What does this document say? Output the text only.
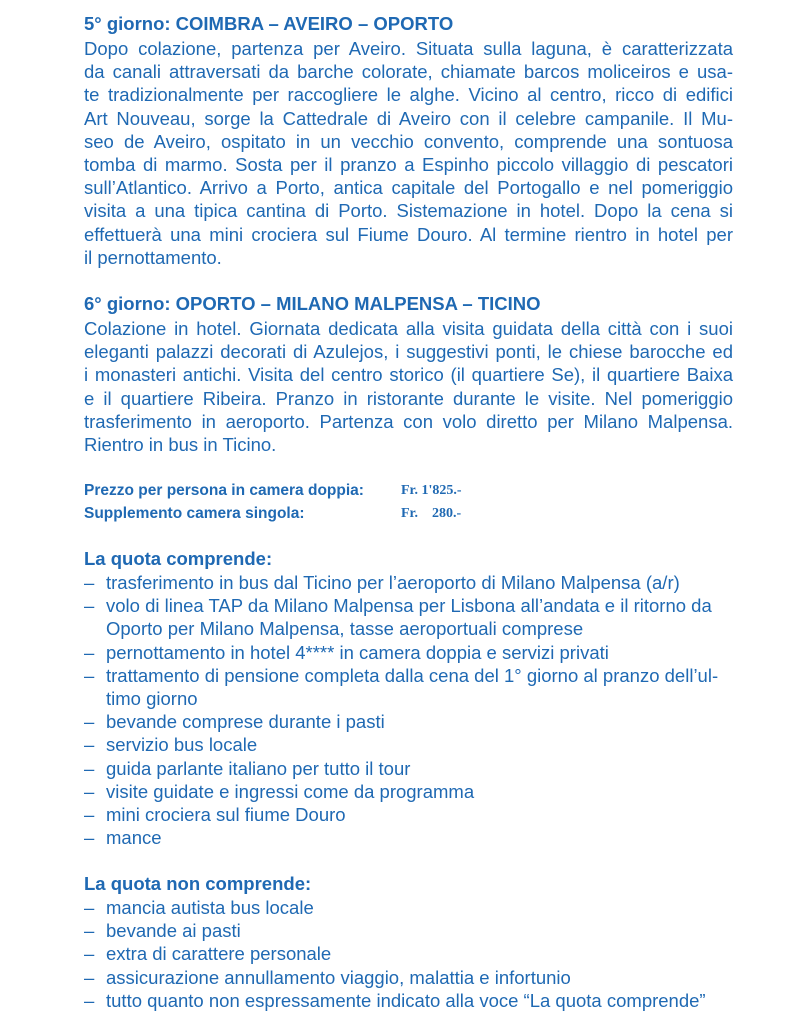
5° giorno: COIMBRA – AVEIRO – OPORTO
Dopo colazione, partenza per Aveiro. Situata sulla laguna, è caratterizzata
da canali attraversati da barche colorate, chiamate barcos moliceiros e usa-
te tradizionalmente per raccogliere le alghe. Vicino al centro, ricco di edifici
Art Nouveau, sorge la Cattedrale di Aveiro con il celebre campanile. Il Mu-
seo de Aveiro, ospitato in un vecchio convento, comprende una sontuosa
tomba di marmo. Sosta per il pranzo a Espinho piccolo villaggio di pescatori
sull’Atlantico. Arrivo a Porto, antica capitale del Portogallo e nel pomeriggio
visita a una tipica cantina di Porto. Sistemazione in hotel. Dopo la cena si
effettuerà una mini crociera sul Fiume Douro. Al termine rientro in hotel per
il pernottamento.
6° giorno: OPORTO – MILANO MALPENSA – TICINO
Colazione in hotel. Giornata dedicata alla visita guidata della città con i suoi
eleganti palazzi decorati di Azulejos, i suggestivi ponti, le chiese barocche ed
i monasteri antichi. Visita del centro storico (il quartiere Se), il quartiere Baixa
e il quartiere Ribeira. Pranzo in ristorante durante le visite. Nel pomeriggio
trasferimento in aeroporto. Partenza con volo diretto per Milano Malpensa.
Rientro in bus in Ticino.
Prezzo per persona in camera doppia:	Fr. 1'825.-
Supplemento camera singola:	Fr.    280.-
La quota comprende:
– trasferimento in bus dal Ticino per l’aeroporto di Milano Malpensa (a/r)
– volo di linea TAP da Milano Malpensa per Lisbona all’andata e il ritorno da
Oporto per Milano Malpensa, tasse aeroportuali comprese
– pernottamento in hotel 4**** in camera doppia e servizi privati
– trattamento di pensione completa dalla cena del 1° giorno al pranzo dell’ul-
timo giorno
– bevande comprese durante i pasti
– servizio bus locale
– guida parlante italiano per tutto il tour
– visite guidate e ingressi come da programma
– mini crociera sul fiume Douro
– mance
La quota non comprende:
– mancia autista bus locale
– bevande ai pasti
– extra di carattere personale
– assicurazione annullamento viaggio, malattia e infortunio
– tutto quanto non espressamente indicato alla voce “La quota comprende”
